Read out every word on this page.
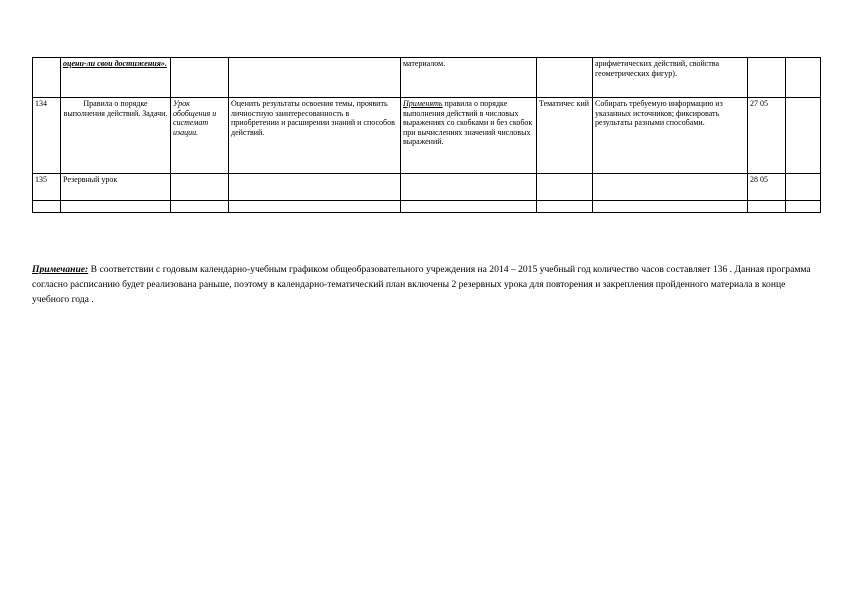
	оцени-ли свои достижения».			материалом.		арифметических действий, свойства геометрических фигур).		
134	Правила о порядке выполнения действий. Задачи.	Урок обобщения и системат изации.	Оценить результаты освоения темы, проявить личностную заинтересованность в приобретении и расширении знаний и способов действий.	Применять правила о порядке выполнения действий в числовых выражениях со скобками и без скобок при вычислениях значений числовых выражений.	Тематичес кий	Собирать требуемую информацию из указанных источников; фиксировать результаты разными способами.	27 05	
135	Резервный урок						28 05	

Примечание: В соответствии с годовым календарно-учебным графиком общеобразовательного учреждения на 2014 – 2015 учебный год количество часов составляет 136 . Данная программа согласно расписанию будет реализована раньше, поэтому в календарно-тематический план включены 2 резервных урока для повторения и закрепления пройденного материала в конце учебного года .
